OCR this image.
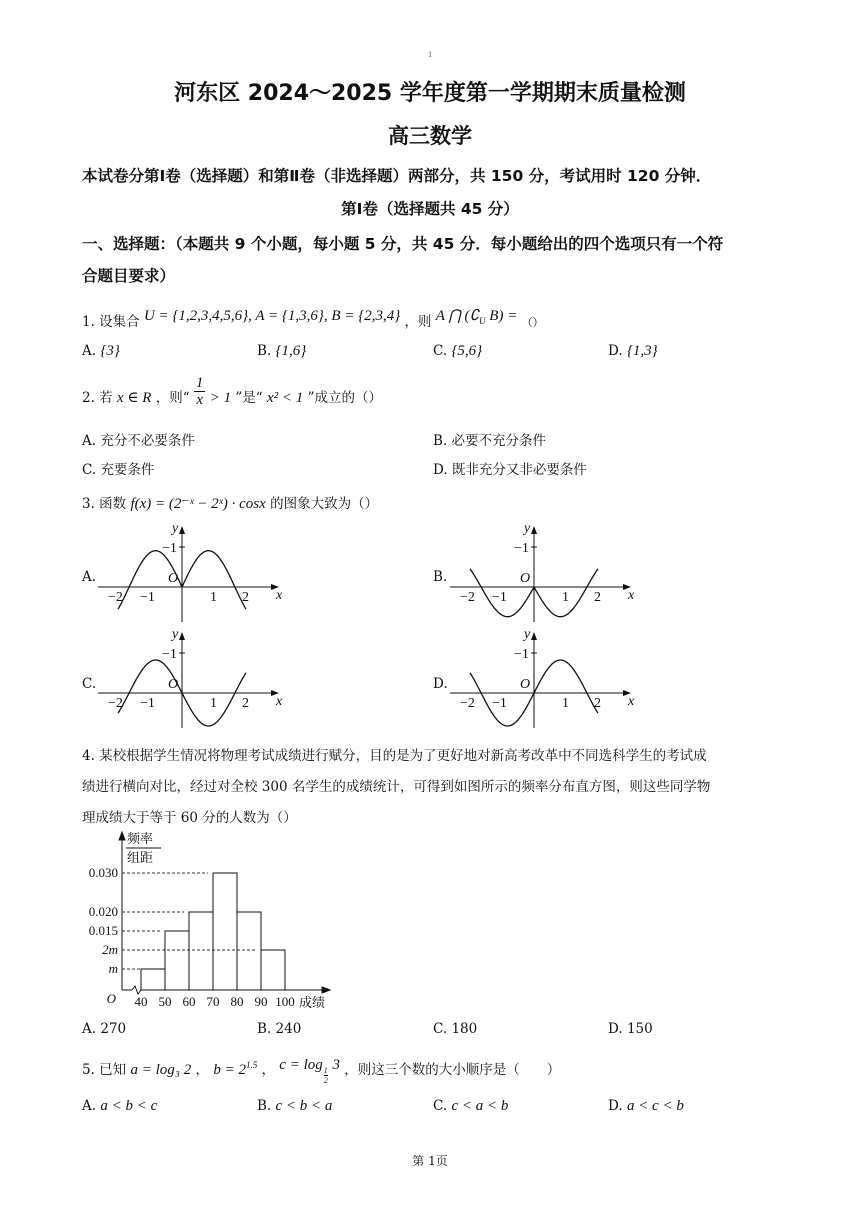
1
河东区 2024～2025 学年度第一学期期末质量检测
高三数学
本试卷分第Ⅰ卷（选择题）和第Ⅱ卷（非选择题）两部分，共 150 分，考试用时 120 分钟．
第Ⅰ卷（选择题共 45 分）
一、选择题：（本题共 9 个小题，每小题 5 分，共 45 分．每小题给出的四个选项只有一个符
合题目要求）
1. 设集合 U = {1,2,3,4,5,6}, A = {1,3,6}, B = {2,3,4} ，则 A ⋂ ($∁_U$ B) = （）
A. {3}	B. {1,6}	C. {5,6}	D. {1,3}
2. 若 x ∈ R ，则“ $\frac{1}{x} > 1$ ”是“ x² < 1 ”成立的（）
A. 充分不必要条件	B. 必要不充分条件
C. 充要条件	D. 既非充分又非必要条件
3. 函数 f(x) = (2⁻ˣ − 2ˣ) · cosx 的图象大致为（）
A.	B.
C.	D.
y
x
O
1 2
−1
−2
−1
y
x
O
1 2
−1
−2
−1
y
x
O
1 2
−1
−2
−1
y
x
O
1 2
−1
−2
−1
4. 某校根据学生情况将物理考试成绩进行赋分，目的是为了更好地对新高考改革中不同选科学生的考试成
绩进行横向对比，经过对全校 300 名学生的成绩统计，可得到如图所示的频率分布直方图，则这些同学物
理成绩大于等于 60 分的人数为（）
频率
组距
0.030
0.020
0.015
2m
m
O 40 50 60 70 80 90 100 成绩
A. 270	B. 240	C. 180	D. 150
5. 已知 a = log₃ 2 ， $b = 2^{1.5}$ ， c = log
$\frac{1}{2}$
3 ，则这三个数的大小顺序是（　　）
A. a < b < c	B. c < b < a	C. c < a < b	D. a < c < b
第 1页
